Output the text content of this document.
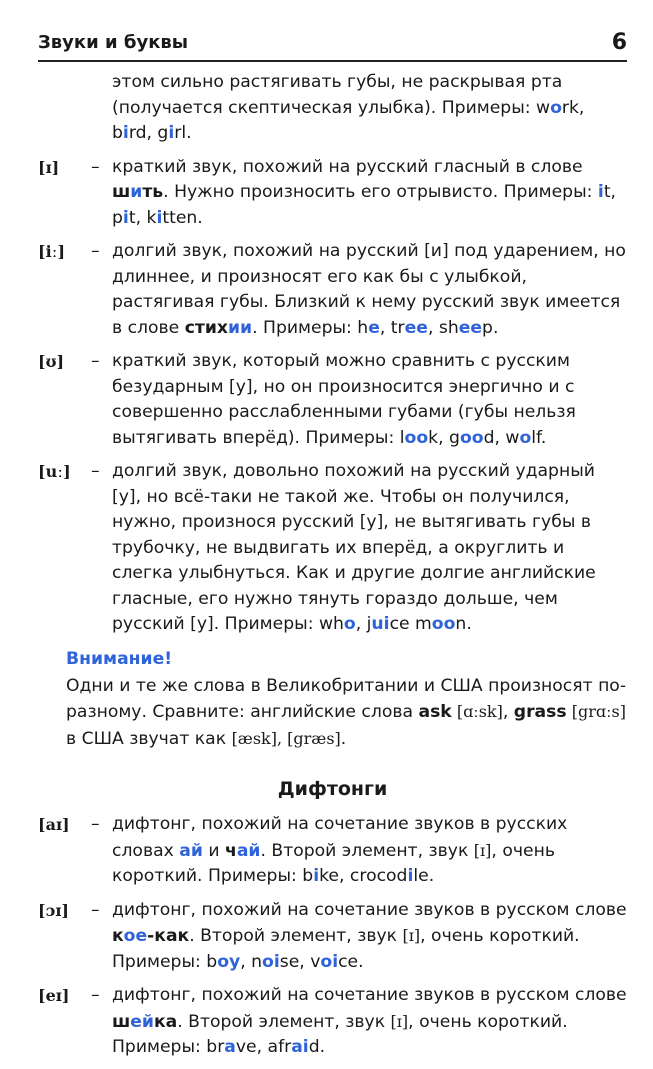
Звуки и буквы	6
этом сильно растягивать губы, не раскрывая рта (получается скептическая улыбка). Примеры: work, bird, girl.
[ɪ] – краткий звук, похожий на русский гласный в слове шить. Нужно произносить его отрывисто. Примеры: it, pit, kitten.
[iː] – долгий звук, похожий на русский [и] под ударением, но длиннее, и произносят его как бы с улыбкой, растягивая губы. Близкий к нему русский звук имеется в слове стихии. Примеры: he, tree, sheep.
[ʊ] – краткий звук, который можно сравнить с русским безударным [у], но он произносится энергично и с совершенно расслабленными губами (губы нельзя вытягивать вперёд). Примеры: look, good, wolf.
[uː] – долгий звук, довольно похожий на русский ударный [у], но всё-таки не такой же. Чтобы он получился, нужно, произнося русский [у], не вытягивать губы в трубочку, не выдвигать их вперёд, а округлить и слегка улыбнуться. Как и другие долгие английские гласные, его нужно тянуть гораздо дольше, чем русский [у]. Примеры: who, juice moon.
Внимание!
Одни и те же слова в Великобритании и США произносят по-разному. Сравните: английские слова ask [ɑːsk], grass [grɑːs] в США звучат как [æsk], [græs].
Дифтонги
[aɪ] – дифтонг, похожий на сочетание звуков в русских словах ай и чай. Второй элемент, звук [ɪ], очень короткий. Примеры: bike, crocodile.
[ɔɪ] – дифтонг, похожий на сочетание звуков в русском слове кое-как. Второй элемент, звук [ɪ], очень короткий. Примеры: boy, noise, voice.
[eɪ] – дифтонг, похожий на сочетание звуков в русском слове шейка. Второй элемент, звук [ɪ], очень короткий. Примеры: brave, afraid.
